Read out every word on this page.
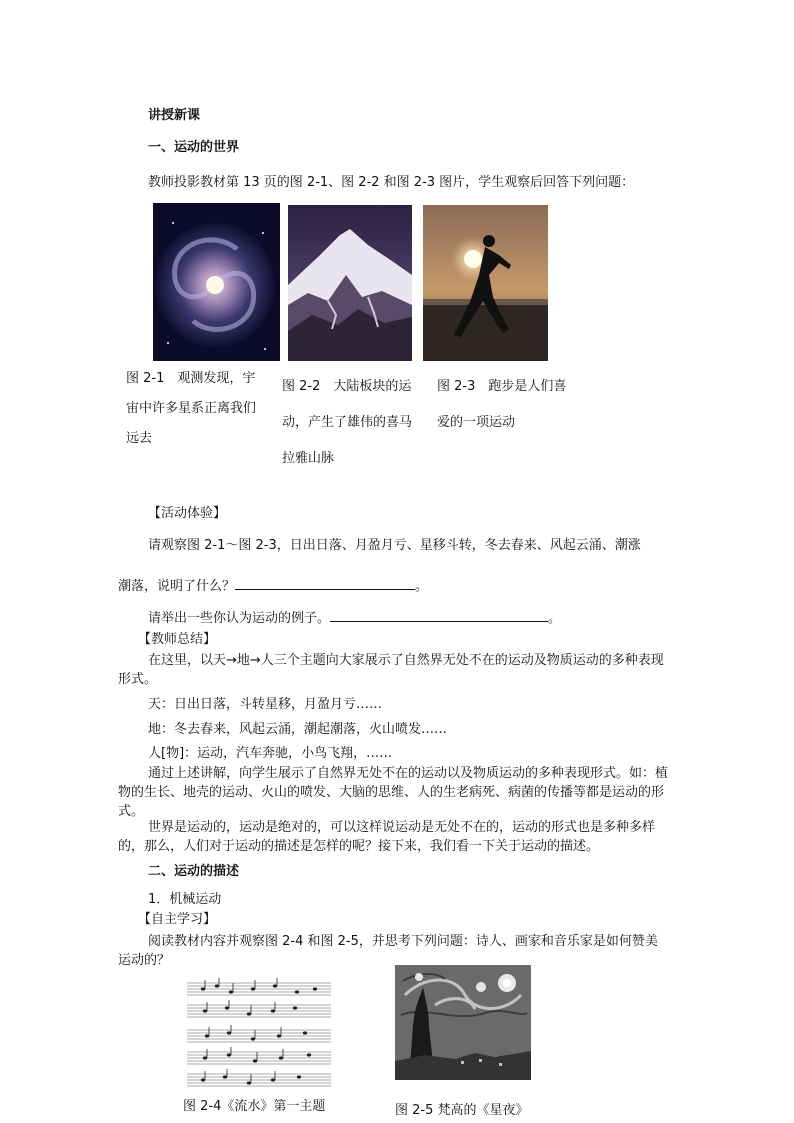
讲授新课
一、运动的世界
教师投影教材第 13 页的图 2-1、图 2-2 和图 2-3 图片，学生观察后回答下列问题：
图 2-1　观测发现，宇
宙中许多星系正离我们
远去
图 2-2　大陆板块的运
动，产生了雄伟的喜马
拉雅山脉
图 2-3　跑步是人们喜
爱的一项运动
【活动体验】
请观察图 2-1～图 2-3，日出日落、月盈月亏、星移斗转，冬去春来、风起云涌、潮涨
潮落，说明了什么？	。
请举出一些你认为运动的例子。	。
【教师总结】
在这里，以天→地→人三个主题向大家展示了自然界无处不在的运动及物质运动的多种表现形式。
天：日出日落，斗转星移，月盈月亏……
地：冬去春来，风起云涌，潮起潮落，火山喷发……
人[物]：运动，汽车奔驰，小鸟飞翔，……
通过上述讲解，向学生展示了自然界无处不在的运动以及物质运动的多种表现形式。如：植物的生长、地壳的运动、火山的喷发、大脑的思维、人的生老病死、病菌的传播等都是运动的形式。
世界是运动的，运动是绝对的，可以这样说运动是无处不在的，运动的形式也是多种多样的，那么，人们对于运动的描述是怎样的呢？接下来，我们看一下关于运动的描述。
二、运动的描述
1．机械运动
【自主学习】
阅读教材内容并观察图 2-4 和图 2-5，并思考下列问题：诗人、画家和音乐家是如何赞美运动的？
图 2-4《流水》第一主题	图 2-5 梵高的《星夜》
